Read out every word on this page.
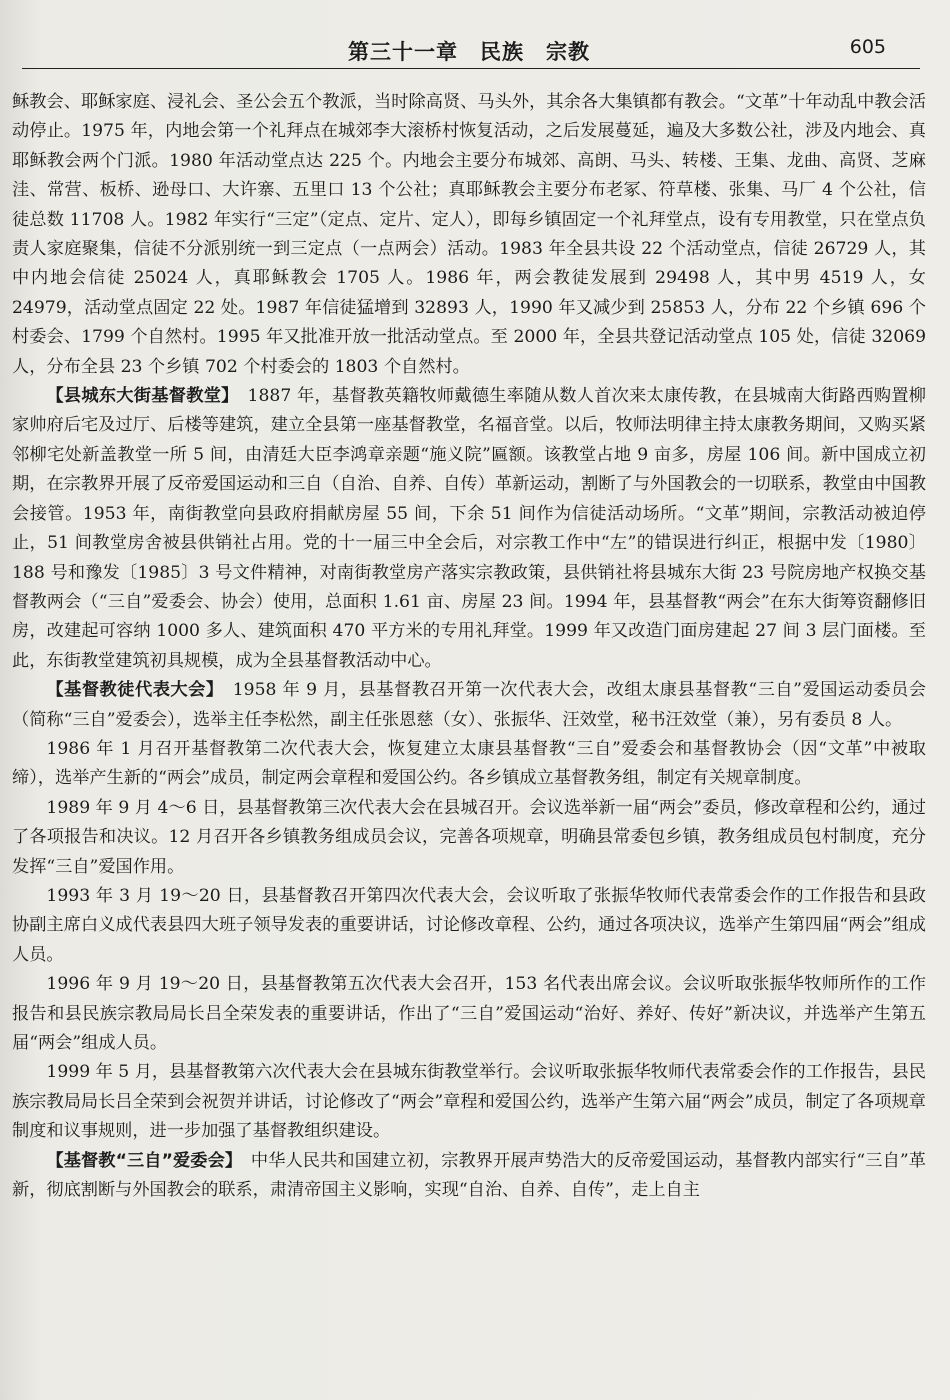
第三十一章　民族　宗教	605

稣教会、耶稣家庭、浸礼会、圣公会五个教派，当时除高贤、马头外，其余各大集镇都有教会。“文革”十年动乱中教会活动停止。1975 年，内地会第一个礼拜点在城郊李大滚桥村恢复活动，之后发展蔓延，遍及大多数公社，涉及内地会、真耶稣教会两个门派。1980 年活动堂点达 225 个。内地会主要分布城郊、高朗、马头、转楼、王集、龙曲、高贤、芝麻洼、常营、板桥、逊母口、大许寨、五里口 13 个公社；真耶稣教会主要分布老冢、符草楼、张集、马厂 4 个公社，信徒总数 11708 人。1982 年实行“三定”（定点、定片、定人），即每乡镇固定一个礼拜堂点，设有专用教堂，只在堂点负责人家庭聚集，信徒不分派别统一到三定点（一点两会）活动。1983 年全县共设 22 个活动堂点，信徒 26729 人，其中内地会信徒 25024 人，真耶稣教会 1705 人。1986 年，两会教徒发展到 29498 人，其中男 4519 人，女 24979，活动堂点固定 22 处。1987 年信徒猛增到 32893 人，1990 年又减少到 25853 人，分布 22 个乡镇 696 个村委会、1799 个自然村。1995 年又批准开放一批活动堂点。至 2000 年，全县共登记活动堂点 105 处，信徒 32069 人，分布全县 23 个乡镇 702 个村委会的 1803 个自然村。

【县城东大街基督教堂】　1887 年，基督教英籍牧师戴德生率随从数人首次来太康传教，在县城南大街路西购置柳家帅府后宅及过厅、后楼等建筑，建立全县第一座基督教堂，名福音堂。以后，牧师法明律主持太康教务期间，又购买紧邻柳宅处新盖教堂一所 5 间，由清廷大臣李鸿章亲题“施义院”匾额。该教堂占地 9 亩多，房屋 106 间。新中国成立初期，在宗教界开展了反帝爱国运动和三自（自治、自养、自传）革新运动，割断了与外国教会的一切联系，教堂由中国教会接管。1953 年，南街教堂向县政府捐献房屋 55 间，下余 51 间作为信徒活动场所。“文革”期间，宗教活动被迫停止，51 间教堂房舍被县供销社占用。党的十一届三中全会后，对宗教工作中“左”的错误进行纠正，根据中发〔1980〕188 号和豫发〔1985〕3 号文件精神，对南街教堂房产落实宗教政策，县供销社将县城东大街 23 号院房地产权换交基督教两会（“三自”爱委会、协会）使用，总面积 1.61 亩、房屋 23 间。1994 年，县基督教“两会”在东大街筹资翻修旧房，改建起可容纳 1000 多人、建筑面积 470 平方米的专用礼拜堂。1999 年又改造门面房建起 27 间 3 层门面楼。至此，东街教堂建筑初具规模，成为全县基督教活动中心。

【基督教徒代表大会】　1958 年 9 月，县基督教召开第一次代表大会，改组太康县基督教“三自”爱国运动委员会（简称“三自”爱委会），选举主任李松然，副主任张恩慈（女）、张振华、汪效堂，秘书汪效堂（兼），另有委员 8 人。

1986 年 1 月召开基督教第二次代表大会，恢复建立太康县基督教“三自”爱委会和基督教协会（因“文革”中被取缔），选举产生新的“两会”成员，制定两会章程和爱国公约。各乡镇成立基督教务组，制定有关规章制度。

1989 年 9 月 4～6 日，县基督教第三次代表大会在县城召开。会议选举新一届“两会”委员，修改章程和公约，通过了各项报告和决议。12 月召开各乡镇教务组成员会议，完善各项规章，明确县常委包乡镇，教务组成员包村制度，充分发挥“三自”爱国作用。

1993 年 3 月 19～20 日，县基督教召开第四次代表大会，会议听取了张振华牧师代表常委会作的工作报告和县政协副主席白义成代表县四大班子领导发表的重要讲话，讨论修改章程、公约，通过各项决议，选举产生第四届“两会”组成人员。

1996 年 9 月 19～20 日，县基督教第五次代表大会召开，153 名代表出席会议。会议听取张振华牧师所作的工作报告和县民族宗教局局长吕全荣发表的重要讲话，作出了“三自”爱国运动“治好、养好、传好”新决议，并选举产生第五届“两会”组成人员。

1999 年 5 月，县基督教第六次代表大会在县城东街教堂举行。会议听取张振华牧师代表常委会作的工作报告，县民族宗教局局长吕全荣到会祝贺并讲话，讨论修改了“两会”章程和爱国公约，选举产生第六届“两会”成员，制定了各项规章制度和议事规则，进一步加强了基督教组织建设。

【基督教“三自”爱委会】　中华人民共和国建立初，宗教界开展声势浩大的反帝爱国运动，基督教内部实行“三自”革新，彻底割断与外国教会的联系，肃清帝国主义影响，实现“自治、自养、自传”，走上自主
